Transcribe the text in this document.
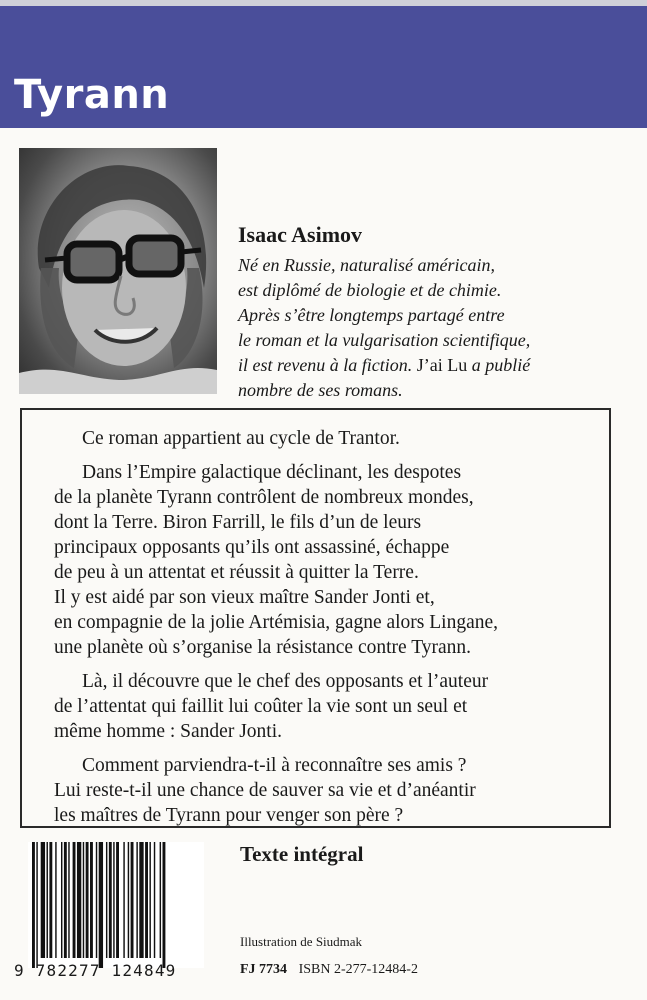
Tyrann
Isaac Asimov
Né en Russie, naturalisé américain,
est diplômé de biologie et de chimie.
Après s’être longtemps partagé entre
le roman et la vulgarisation scientifique,
il est revenu à la fiction. J’ai Lu a publié
nombre de ses romans.

Ce roman appartient au cycle de Trantor.

Dans l’Empire galactique déclinant, les despotes
de la planète Tyrann contrôlent de nombreux mondes,
dont la Terre. Biron Farrill, le fils d’un de leurs
principaux opposants qu’ils ont assassiné, échappe
de peu à un attentat et réussit à quitter la Terre.
Il y est aidé par son vieux maître Sander Jonti et,
en compagnie de la jolie Artémisia, gagne alors Lingane,
une planète où s’organise la résistance contre Tyrann.

Là, il découvre que le chef des opposants et l’auteur
de l’attentat qui faillit lui coûter la vie sont un seul et
même homme : Sander Jonti.

Comment parviendra-t-il à reconnaître ses amis ?
Lui reste-t-il une chance de sauver sa vie et d’anéantir
les maîtres de Tyrann pour venger son père ?

9 782277 124849
Texte intégral
Illustration de Siudmak
FJ 7734 ISBN 2-277-12484-2
